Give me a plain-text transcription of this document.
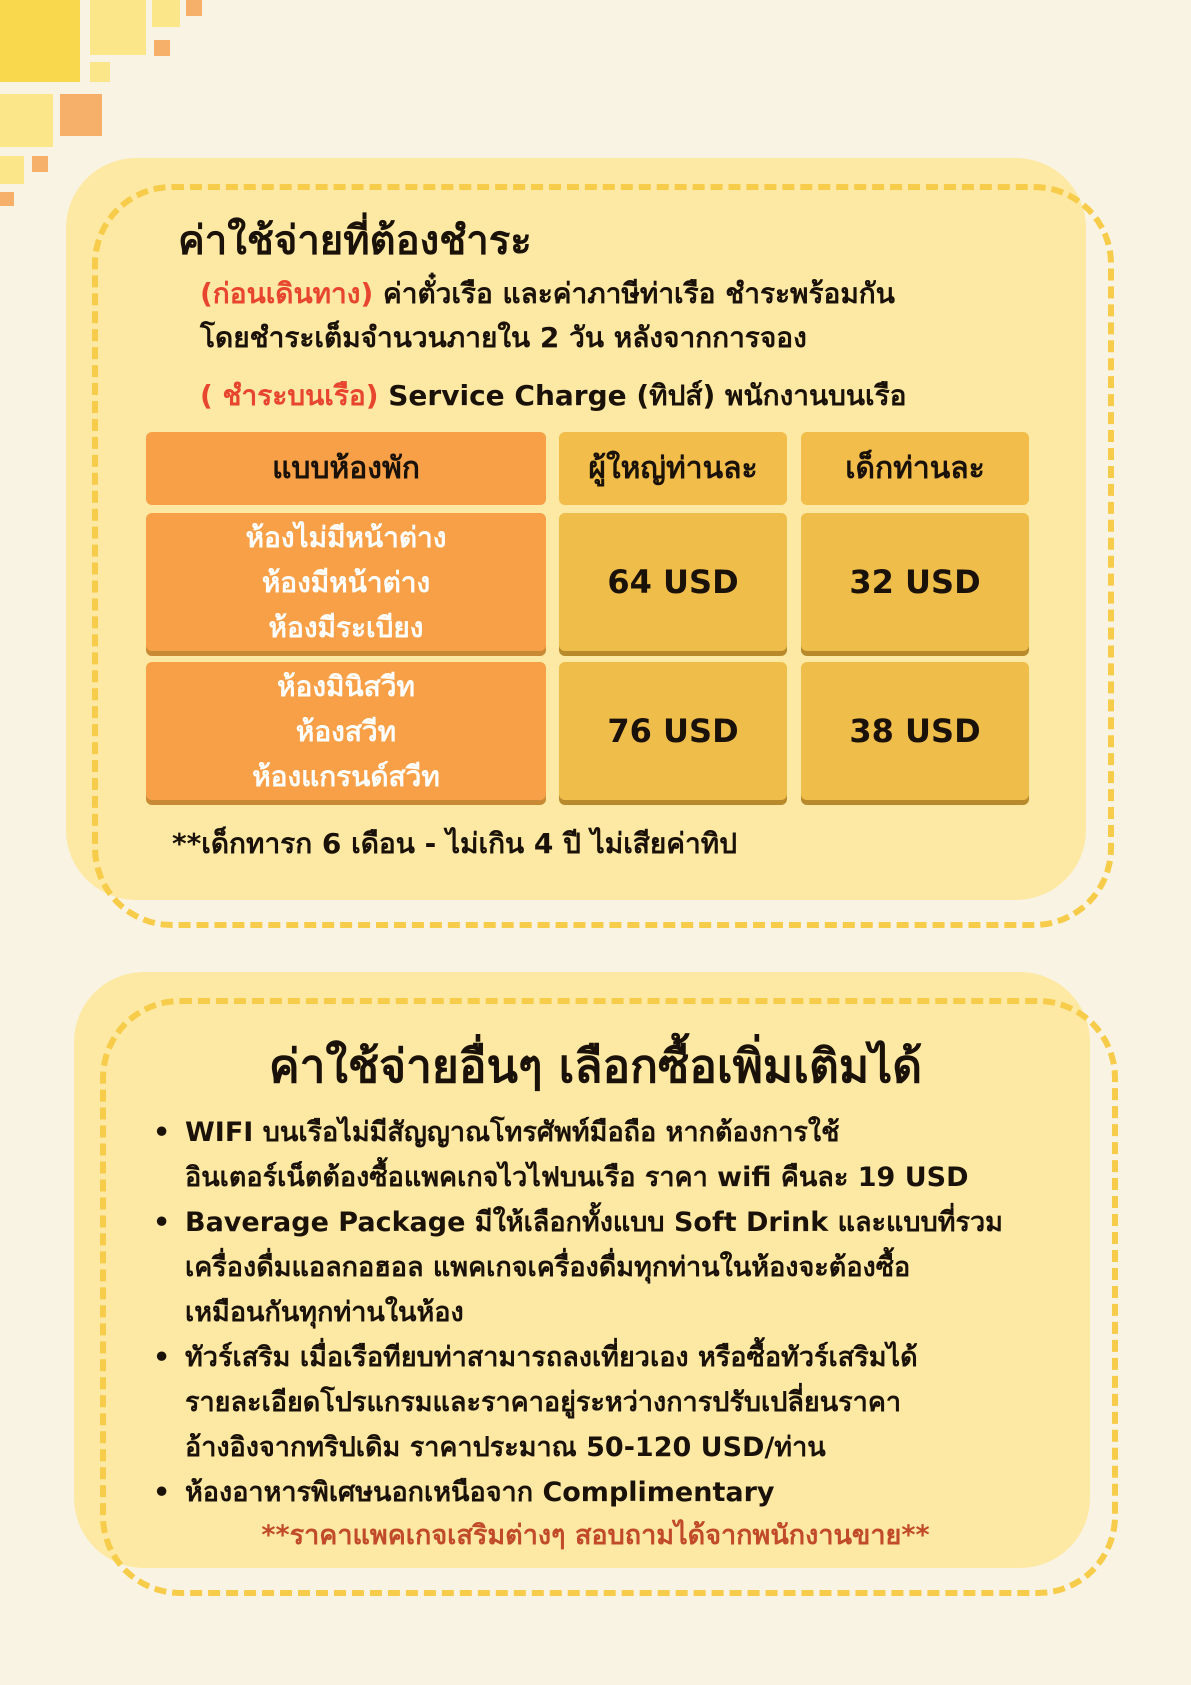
ค่าใช้จ่ายที่ต้องชำระ
(ก่อนเดินทาง) ค่าตั๋วเรือ และค่าภาษีท่าเรือ ชำระพร้อมกัน
โดยชำระเต็มจำนวนภายใน 2 วัน หลังจากการจอง
( ชำระบนเรือ) Service Charge (ทิปส์) พนักงานบนเรือ
แบบห้องพัก	ผู้ใหญ่ท่านละ	เด็กท่านละ
ห้องไม่มีหน้าต่าง
ห้องมีหน้าต่าง
ห้องมีระเบียง
64 USD	32 USD
ห้องมินิสวีท
ห้องสวีท
ห้องแกรนด์สวีท
76 USD	38 USD
**เด็กทารก 6 เดือน - ไม่เกิน 4 ปี ไม่เสียค่าทิป
ค่าใช้จ่ายอื่นๆ เลือกซื้อเพิ่มเติมได้
• WIFI บนเรือไม่มีสัญญาณโทรศัพท์มือถือ หากต้องการใช้
อินเตอร์เน็ตต้องซื้อแพคเกจไวไฟบนเรือ ราคา wifi คืนละ 19 USD
• Baverage Package มีให้เลือกทั้งแบบ Soft Drink และแบบที่รวม
เครื่องดื่มแอลกอฮอล แพคเกจเครื่องดื่มทุกท่านในห้องจะต้องซื้อ
เหมือนกันทุกท่านในห้อง
• ทัวร์เสริม เมื่อเรือทียบท่าสามารถลงเที่ยวเอง หรือซื้อทัวร์เสริมได้
รายละเอียดโปรแกรมและราคาอยู่ระหว่างการปรับเปลี่ยนราคา
อ้างอิงจากทริปเดิม ราคาประมาณ 50-120 USD/ท่าน
• ห้องอาหารพิเศษนอกเหนือจาก Complimentary
**ราคาแพคเกจเสริมต่างๆ สอบถามได้จากพนักงานขาย**
